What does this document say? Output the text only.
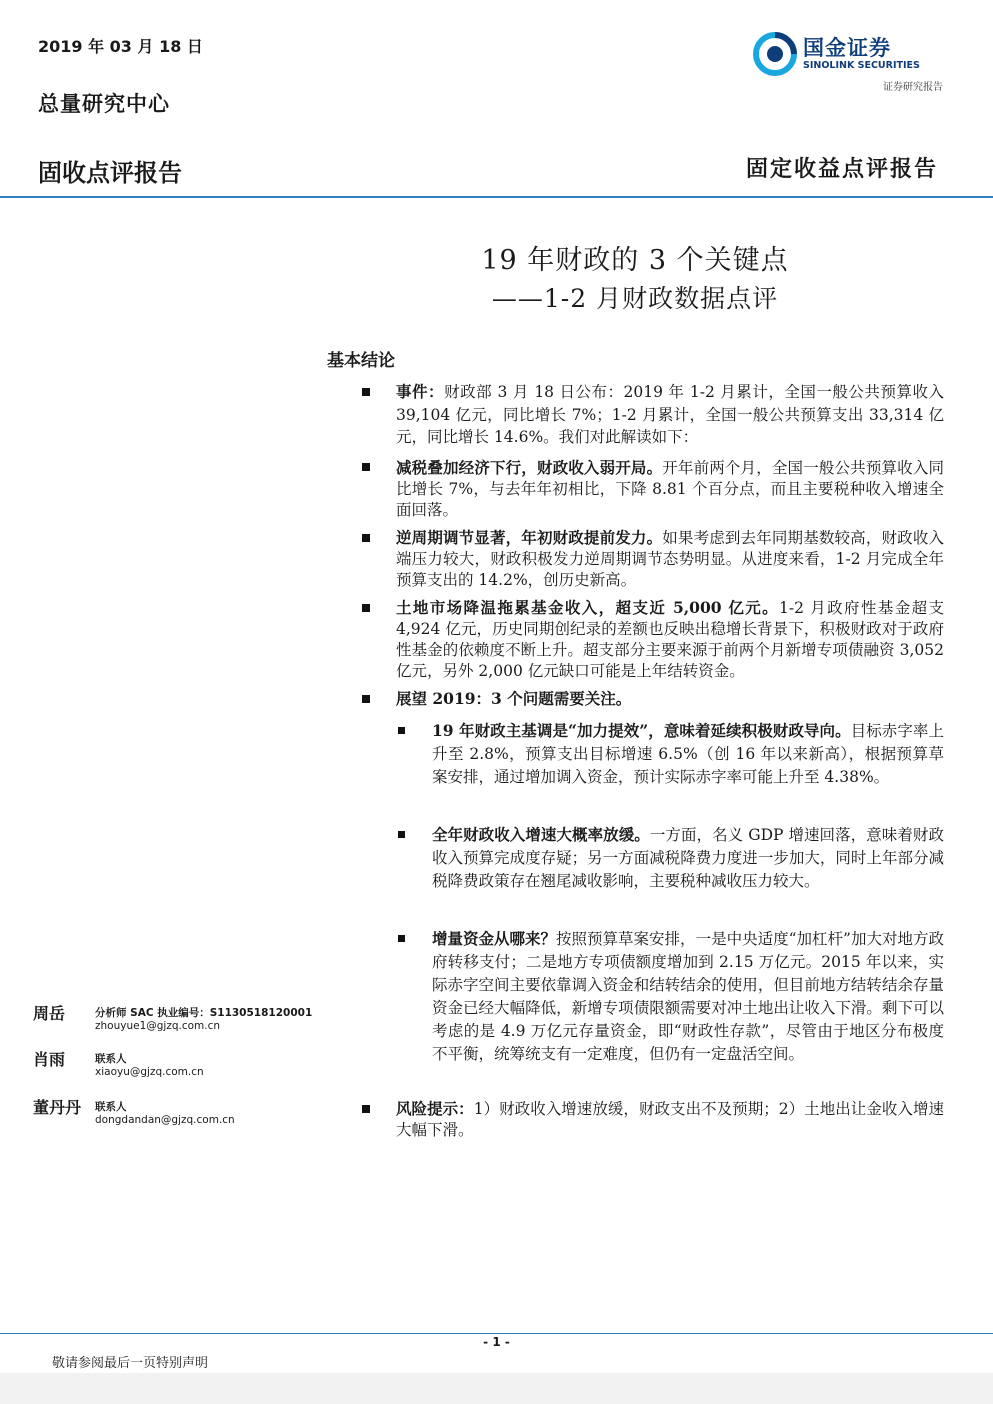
2019 年 03 月 18 日
总量研究中心
固收点评报告	固定收益点评报告
国金证券
SINOLINK SECURITIES
证券研究报告
19 年财政的 3 个关键点
——1-2 月财政数据点评
基本结论
事件：财政部 3 月 18 日公布：2019 年 1-2 月累计，全国一般公共预算收入 39,104 亿元，同比增长 7%；1-2 月累计，全国一般公共预算支出 33,314 亿元，同比增长 14.6%。我们对此解读如下：
减税叠加经济下行，财政收入弱开局。开年前两个月，全国一般公共预算收入同比增长 7%，与去年年初相比，下降 8.81 个百分点，而且主要税种收入增速全面回落。
逆周期调节显著，年初财政提前发力。如果考虑到去年同期基数较高，财政收入端压力较大，财政积极发力逆周期调节态势明显。从进度来看，1-2 月完成全年预算支出的 14.2%，创历史新高。
土地市场降温拖累基金收入，超支近 5,000 亿元。1-2 月政府性基金超支 4,924 亿元，历史同期创纪录的差额也反映出稳增长背景下，积极财政对于政府性基金的依赖度不断上升。超支部分主要来源于前两个月新增专项债融资 3,052 亿元，另外 2,000 亿元缺口可能是上年结转资金。
展望 2019：3 个问题需要关注。
19 年财政主基调是“加力提效”，意味着延续积极财政导向。目标赤字率上升至 2.8%，预算支出目标增速 6.5%（创 16 年以来新高），根据预算草案安排，通过增加调入资金，预计实际赤字率可能上升至 4.38%。
全年财政收入增速大概率放缓。一方面，名义 GDP 增速回落，意味着财政收入预算完成度存疑；另一方面减税降费力度进一步加大，同时上年部分减税降费政策存在翘尾减收影响，主要税种减收压力较大。
增量资金从哪来？按照预算草案安排，一是中央适度“加杠杆”加大对地方政府转移支付；二是地方专项债额度增加到 2.15 万亿元。2015 年以来，实际赤字空间主要依靠调入资金和结转结余的使用，但目前地方结转结余存量资金已经大幅降低，新增专项债限额需要对冲土地出让收入下滑。剩下可以考虑的是 4.9 万亿元存量资金，即“财政性存款”，尽管由于地区分布极度不平衡，统筹统支有一定难度，但仍有一定盘活空间。
风险提示：1）财政收入增速放缓，财政支出不及预期；2）土地出让金收入增速大幅下滑。
周岳	分析师 SAC 执业编号：S1130518120001
zhouyue1@gjzq.com.cn
肖雨	联系人
xiaoyu@gjzq.com.cn
董丹丹 联系人
dongdandan@gjzq.com.cn
- 1 -
敬请参阅最后一页特别声明
